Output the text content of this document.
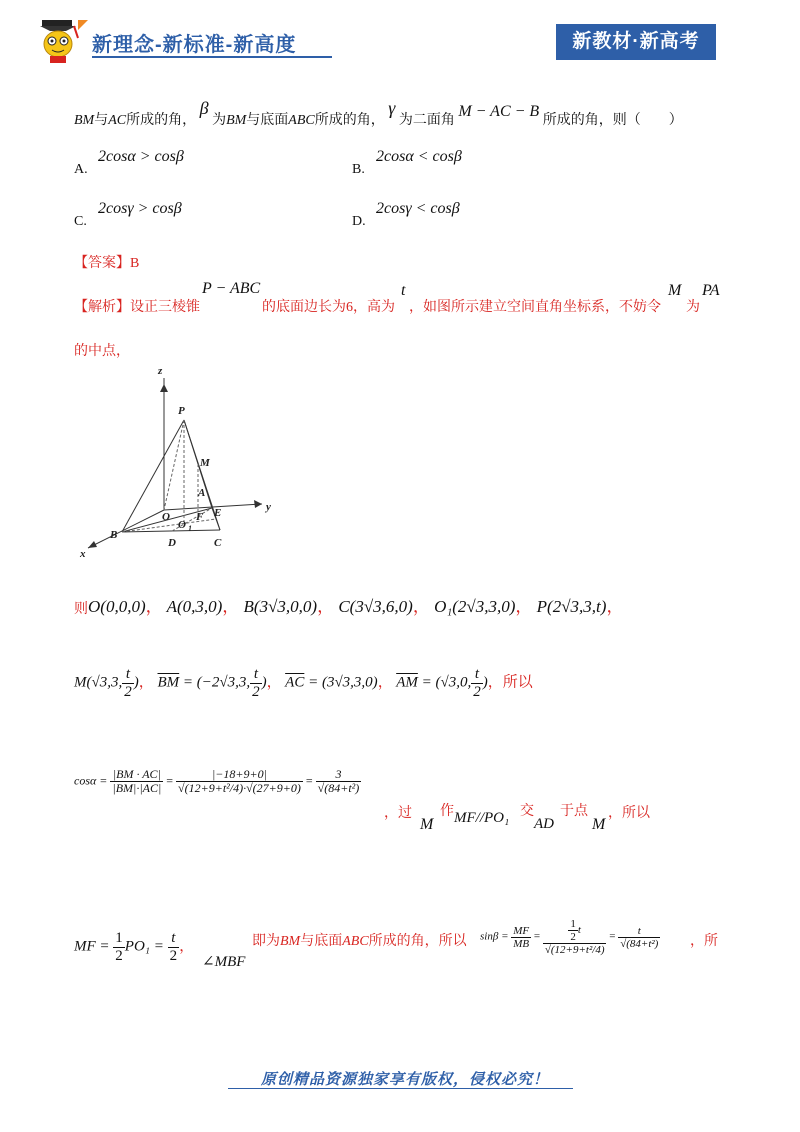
新理念-新标准-新高度	新教材·新高考
BM与AC所成的角， β 为BM与底面ABC所成的角， γ 为二面角 M − AC − B 所成的角，则（　　）
A.
2cosα > cosβ
B.
2cosα < cosβ
C.
2cosγ > cosβ
D.
2cosγ < cosβ
【答案】B
【解析】设正三棱锥
P − ABC
的底面边长为6，高为
t
，如图所示建立空间直角坐标系，不妨令
M
为
PA
的中点，
z
y
x
P
M
A
O F E
O 1
B
D	C
则 O(0,0,0)， A(0,3,0)， B(3√3,0,0)， C(3√3,6,0)， O₁(2√3,3,0)， P(2√3,3,t)，
M(√3,3, $\frac{t}{2}$ )， $\overline{BM} = (-2√3,3$, $\frac{t}{2}$ )， $\overline{AC} = (3√3,3,0)$， $\overline{AM} = (√3,0$, $\frac{t}{2}$ )，所以
$\cos\alpha = \frac{|BM \cdot AC|}{|BM|\cdot|AC|} = \frac{|-18+9+0|}{\text{√(12+9+t²/4)·√(27+9+0)}} = \frac{3}{\text{√(84+t²)}}$
，过
M
作 MF//PO₁ 交
AD
于点
M
，所以
MF = $\frac{1}{2} PO_1 = \frac{t}{2}$ ，
∠MBF
即为BM与底面ABC所成的角，所以 $\sin\beta = \frac{MF}{MB} = \frac{\frac{1}{2} t}{\text{√(12+9+t²/4)}} = \frac{t}{\text{√(84+t²)}}$ ，所
原创精品资源独家享有版权，侵权必究！
